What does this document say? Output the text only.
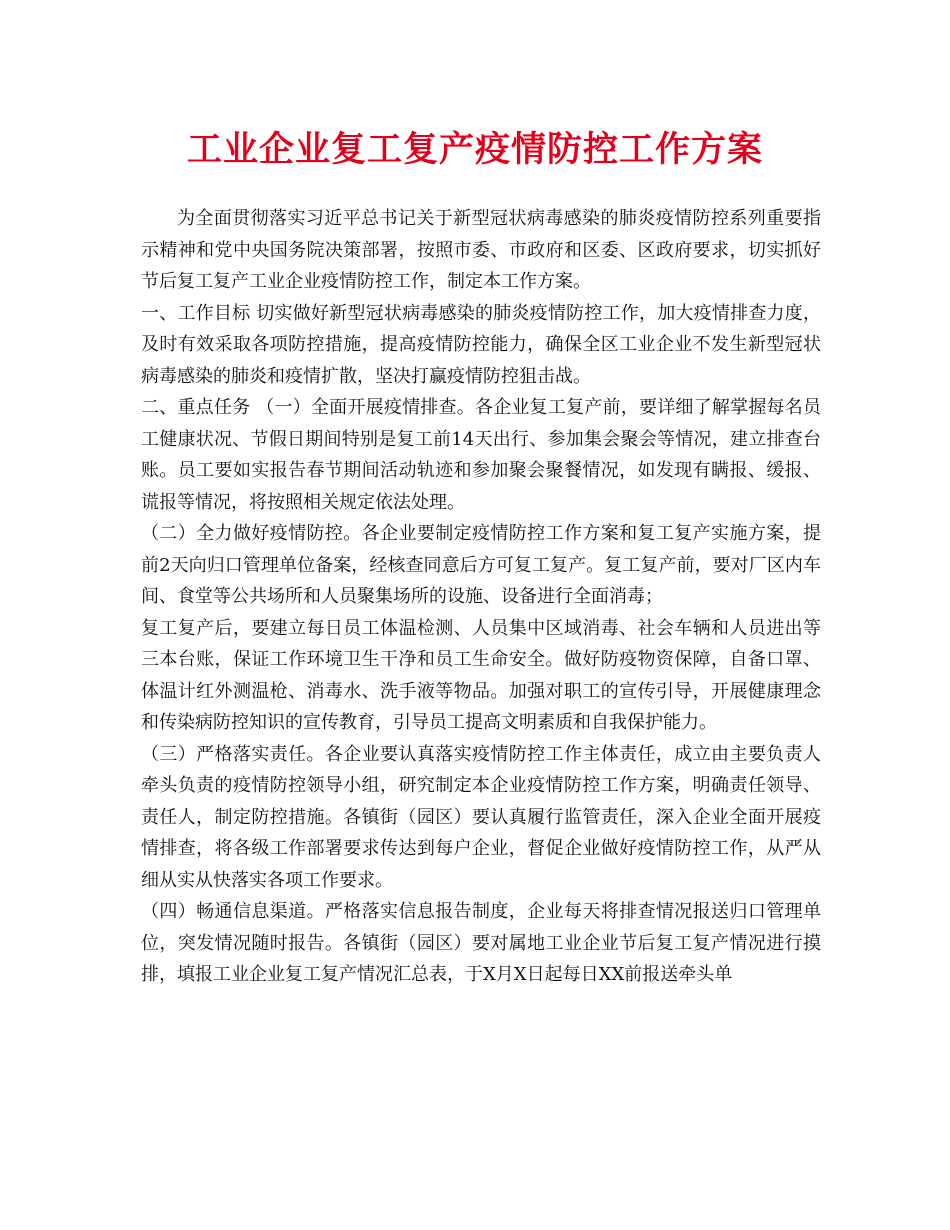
工业企业复工复产疫情防控工作方案

为全面贯彻落实习近平总书记关于新型冠状病毒感染的肺炎疫情防控系列重要指示精神和党中央国务院决策部署，按照市委、市政府和区委、区政府要求，切实抓好节后复工复产工业企业疫情防控工作，制定本工作方案。

一、工作目标 切实做好新型冠状病毒感染的肺炎疫情防控工作，加大疫情排查力度，及时有效采取各项防控措施，提高疫情防控能力，确保全区工业企业不发生新型冠状病毒感染的肺炎和疫情扩散，坚决打赢疫情防控狙击战。

二、重点任务 （一）全面开展疫情排查。各企业复工复产前，要详细了解掌握每名员工健康状况、节假日期间特别是复工前14天出行、参加集会聚会等情况，建立排查台账。员工要如实报告春节期间活动轨迹和参加聚会聚餐情况，如发现有瞒报、缓报、谎报等情况，将按照相关规定依法处理。

（二）全力做好疫情防控。各企业要制定疫情防控工作方案和复工复产实施方案，提前2天向归口管理单位备案，经核查同意后方可复工复产。复工复产前，要对厂区内车间、食堂等公共场所和人员聚集场所的设施、设备进行全面消毒；

复工复产后，要建立每日员工体温检测、人员集中区域消毒、社会车辆和人员进出等三本台账，保证工作环境卫生干净和员工生命安全。做好防疫物资保障，自备口罩、体温计红外测温枪、消毒水、洗手液等物品。加强对职工的宣传引导，开展健康理念和传染病防控知识的宣传教育，引导员工提高文明素质和自我保护能力。

（三）严格落实责任。各企业要认真落实疫情防控工作主体责任，成立由主要负责人牵头负责的疫情防控领导小组，研究制定本企业疫情防控工作方案，明确责任领导、责任人，制定防控措施。各镇街（园区）要认真履行监管责任，深入企业全面开展疫情排查，将各级工作部署要求传达到每户企业，督促企业做好疫情防控工作，从严从细从实从快落实各项工作要求。

（四）畅通信息渠道。严格落实信息报告制度，企业每天将排查情况报送归口管理单位，突发情况随时报告。各镇街（园区）要对属地工业企业节后复工复产情况进行摸排，填报工业企业复工复产情况汇总表，于X月X日起每日XX前报送牵头单
